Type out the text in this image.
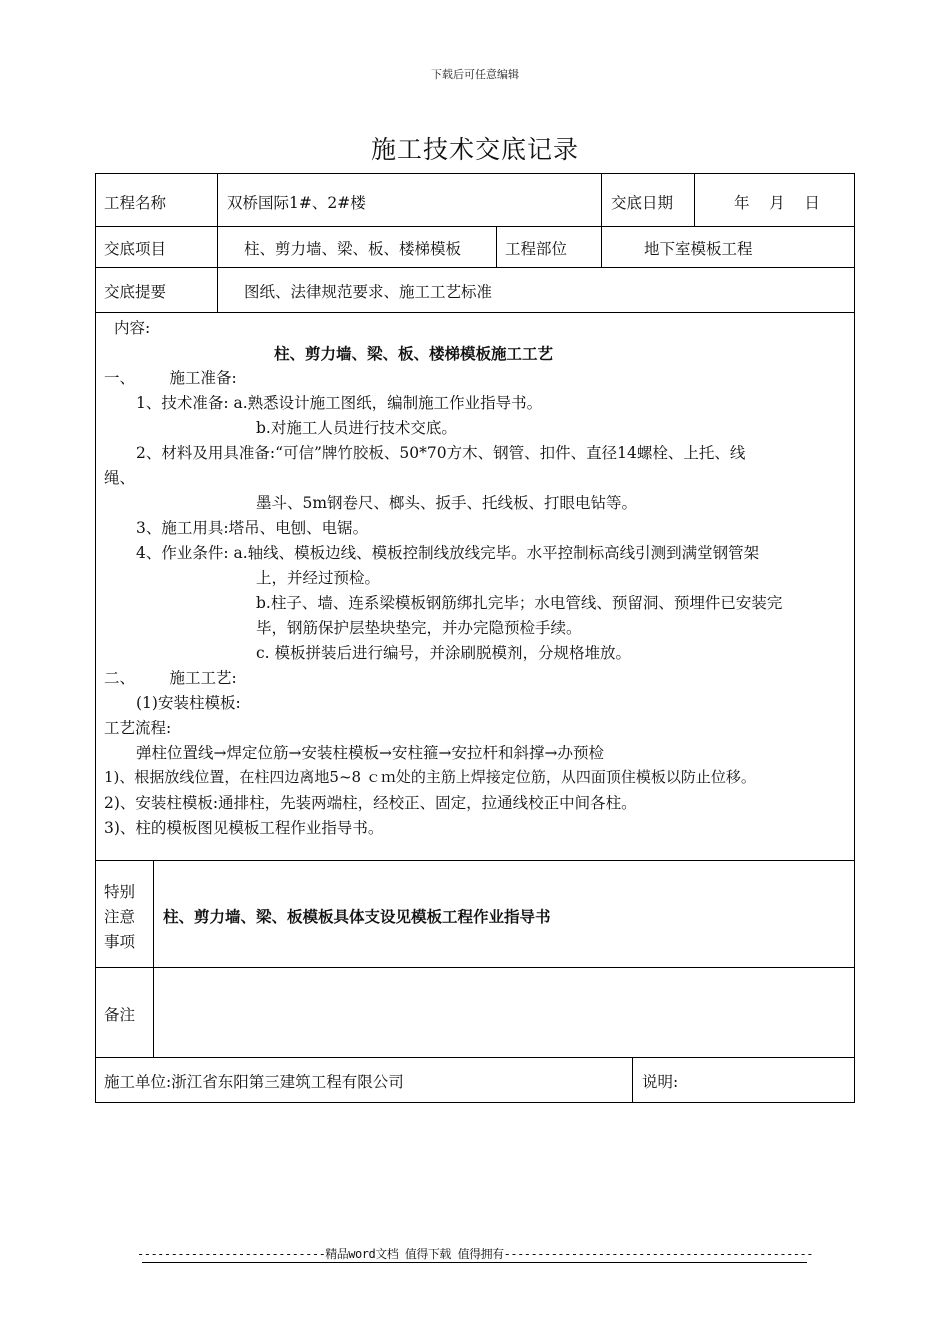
下载后可任意编辑
施工技术交底记录
工程名称	双桥国际1#、2#楼	交底日期	年    月    日
交底项目	柱、剪力墙、梁、板、楼梯模板	工程部位	地下室模板工程
交底提要	图纸、法律规范要求、施工工艺标准
内容:
柱、剪力墙、梁、板、楼梯模板施工工艺
一、       施工准备:
1、技术准备: a.熟悉设计施工图纸，编制施工作业指导书。
b.对施工人员进行技术交底。
2、材料及用具准备:“可信”牌竹胶板、50*70方木、钢管、扣件、直径14螺栓、上托、线
绳、
墨斗、5m钢卷尺、榔头、扳手、托线板、打眼电钻等。
3、施工用具:塔吊、电刨、电锯。
4、作业条件: a.轴线、模板边线、模板控制线放线完毕。水平控制标高线引测到满堂钢管架
上，并经过预检。
b.柱子、墙、连系梁模板钢筋绑扎完毕；水电管线、预留洞、预埋件已安装完
毕，钢筋保护层垫块垫完，并办完隐预检手续。
c. 模板拼装后进行编号，并涂刷脱模剂，分规格堆放。
二、       施工工艺:
(1)安装柱模板:
工艺流程:
弹柱位置线→焊定位筋→安装柱模板→安柱箍→安拉杆和斜撑→办预检
1)、根据放线位置，在柱四边离地5~8 ｃｍ处的主筋上焊接定位筋，从四面顶住模板以防止位移。
2)、安装柱模板:通排柱，先装两端柱，经校正、固定，拉通线校正中间各柱。
3)、柱的模板图见模板工程作业指导书。
特别
注意
事项
柱、剪力墙、梁、板模板具体支设见模板工程作业指导书
备注
施工单位:浙江省东阳第三建筑工程有限公司	说明:
----------------------------精品word文档 值得下载 值得拥有----------------------------------------------
